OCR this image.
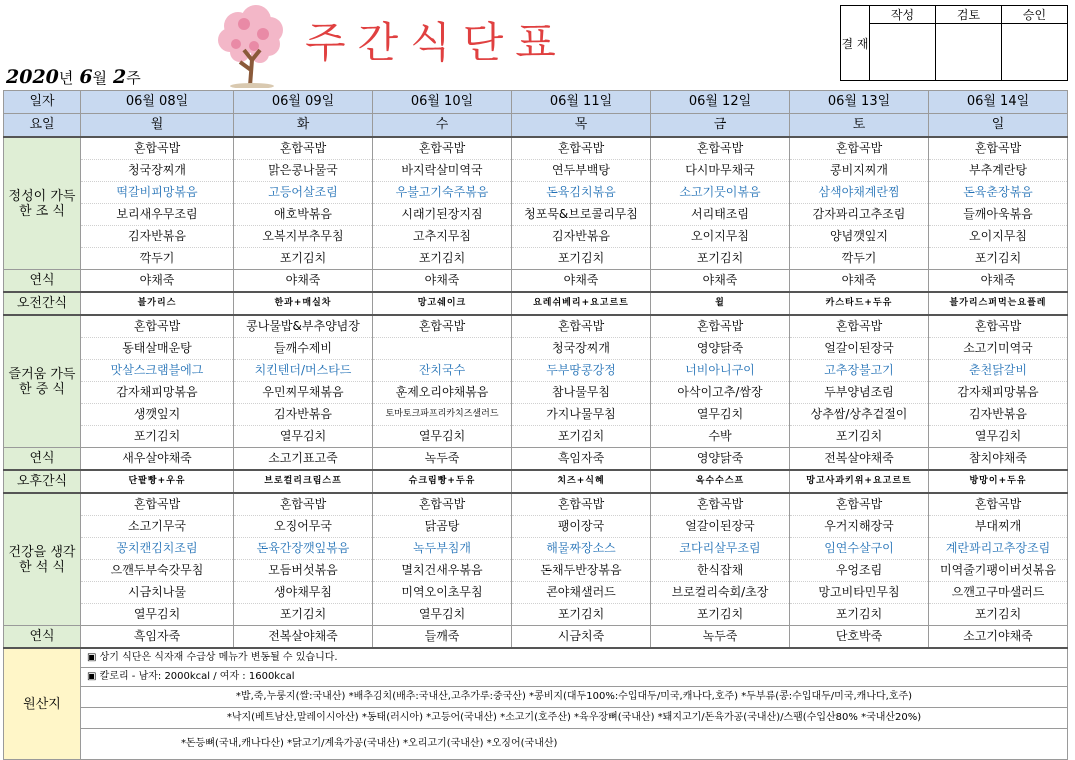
주간식단표
2020년 6월 2주
결 재	작성	검토	승인

일자	06월 08일	06월 09일	06월 10일	06월 11일	06월 12일	06월 13일	06월 14일
요일	월	화	수	목	금	토	일
정성이 가득한 조 식	혼합곡밥	혼합곡밥	혼합곡밥	혼합곡밥	혼합곡밥	혼합곡밥	혼합곡밥
	청국장찌개	맑은콩나물국	바지락살미역국	연두부백탕	다시마무채국	콩비지찌개	부추계란탕
	떡갈비피망볶음	고등어살조림	우불고기숙주볶음	돈육김치볶음	소고기뭇이볶음	삼색야채계란찜	돈육춘장볶음
	보리새우무조림	애호박볶음	시래기된장지짐	청포묵&브로콜리무침	서리태조림	감자꽈리고추조림	들깨아욱볶음
	김자반볶음	오복지부추무침	고추지무침	김자반볶음	오이지무침	양념깻잎지	오이지무침
	깍두기	포기김치	포기김치	포기김치	포기김치	깍두기	포기김치
연식	야채죽	야채죽	야채죽	야채죽	야채죽	야채죽	야채죽
오전간식	블가리스	한과+매실차	망고쉐이크	요레쉬베리+요고르트	윌	카스타드+두유	블가리스퍼먹는요플레
즐거움 가득한 중 식	혼합곡밥	콩나물밥&부추양념장	혼합곡밥	혼합곡밥	혼합곡밥	혼합곡밥	혼합곡밥
	동태살매운탕	들깨수제비		청국장찌개	영양닭죽	얼갈이된장국	소고기미역국
	맛살스크램블에그	치킨텐더/머스타드	잔치국수	두부땅콩강정	너비아니구이	고추장불고기	춘천닭갈비
	감자채피망볶음	우민찌무채볶음	훈제오리야채볶음	참나물무침	아삭이고추/쌈장	두부양념조림	감자채피망볶음
	생깻잎지	김자반볶음	토마토크파프리카치즈샐러드	가지나물무침	열무김치	상추쌈/상추겉절이	김자반볶음
	포기김치	열무김치	열무김치	포기김치	수박	포기김치	열무김치
연식	새우살야채죽	소고기표고죽	녹두죽	흑임자죽	영양닭죽	전복살야채죽	참치야채죽
오후간식	단팥빵+우유	브로컬리크림스프	슈크림빵+두유	치즈+식혜	옥수수스프	망고사과키위+요고르트	방망이+두유
건강을 생각한 석 식	혼합곡밥	혼합곡밥	혼합곡밥	혼합곡밥	혼합곡밥	혼합곡밥	혼합곡밥
	소고기무국	오징어무국	닭곰탕	팽이장국	얼갈이된장국	우거지해장국	부대찌개
	꽁치캔김치조림	돈육간장깻잎볶음	녹두부침개	해물짜장소스	코다리살무조림	임연수살구이	계란꽈리고추장조림
	으깬두부숙갓무침	모듬버섯볶음	멸치건새우볶음	돈채두반장볶음	한식잡채	우엉조림	미역줄기팽이버섯볶음
	시금치나물	생야채무침	미역오이초무침	콘야채샐러드	브로컬리숙회/초장	망고비타민무침	으깬고구마샐러드
	열무김치	포기김치	열무김치	포기김치	포기김치	포기김치	포기김치
연식	흑임자죽	전복살야채죽	들깨죽	시금치죽	녹두죽	단호박죽	소고기야채죽
원산지	▣ 상기 식단은 식자재 수급상 메뉴가 변동될 수 있습니다.						
	▣ 칼로리 - 남자: 2000kcal / 여자 : 1600kcal						
	*밥,죽,누룽지(쌀:국내산) *배추김치(배추:국내산,고추가루:중국산) *콩비지(대두100%:수입대두/미국,캐나다,호주) *두부류(콩:수입대두/미국,캐나다,호주)						
	*낙지(베트남산,말레이시아산) *동태(러시아) *고등어(국내산) *소고기(호주산) *육우장뼈(국내산) *돼지고기/돈육가공(국내산)/스팸(수입산80% *국내산20%)						
	*돈등뼈(국내,캐나다산) *닭고기/계육가공(국내산) *오리고기(국내산) *오징어(국내산)						
